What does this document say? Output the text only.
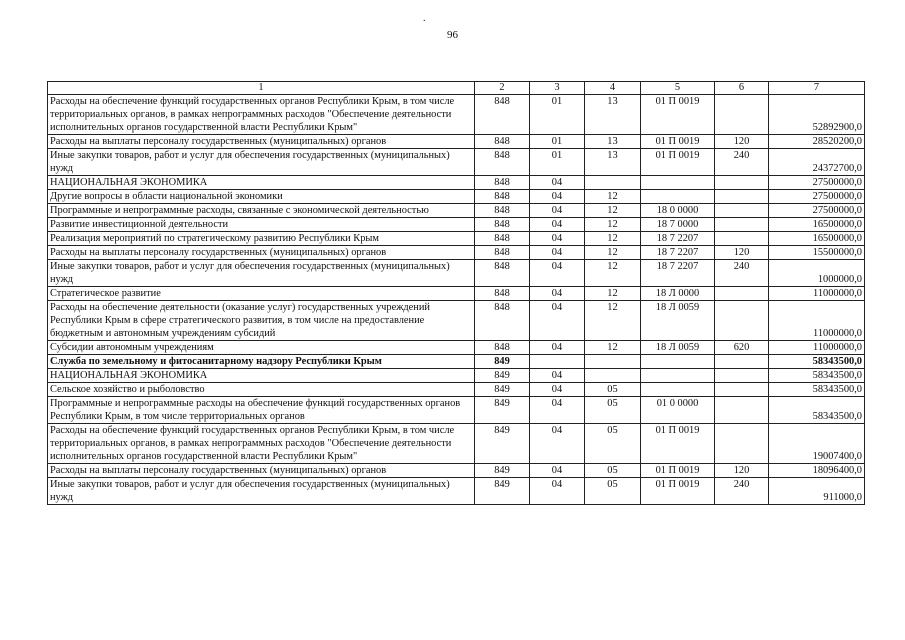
.
96
1	2	3	4	5	6	7
Расходы на обеспечение функций государственных органов Республики Крым, в том числе территориальных органов, в рамках непрограммных расходов "Обеспечение деятельности исполнительных органов государственной власти Республики Крым"	848	01	13	01 П 0019		52892900,0
Расходы на выплаты персоналу государственных (муниципальных) органов	848	01	13	01 П 0019	120	28520200,0
Иные закупки товаров, работ и услуг для обеспечения государственных (муниципальных) нужд	848	01	13	01 П 0019	240	24372700,0
НАЦИОНАЛЬНАЯ ЭКОНОМИКА	848	04				27500000,0
Другие вопросы в области национальной экономики	848	04	12			27500000,0
Программные и непрограммные расходы, связанные с экономической деятельностью	848	04	12	18 0 0000		27500000,0
Развитие инвестиционной деятельности	848	04	12	18 7 0000		16500000,0
Реализация мероприятий по стратегическому развитию Республики Крым	848	04	12	18 7 2207		16500000,0
Расходы на выплаты персоналу государственных (муниципальных) органов	848	04	12	18 7 2207	120	15500000,0
Иные закупки товаров, работ и услуг для обеспечения государственных (муниципальных) нужд	848	04	12	18 7 2207	240	1000000,0
Стратегическое развитие	848	04	12	18 Л 0000		11000000,0
Расходы на обеспечение деятельности (оказание услуг) государственных учреждений Республики Крым в сфере стратегического развития, в том числе на предоставление бюджетным и автономным учреждениям субсидий	848	04	12	18 Л 0059		11000000,0
Субсидии автономным учреждениям	848	04	12	18 Л 0059	620	11000000,0
Служба по земельному и фитосанитарному надзору Республики Крым	849					58343500,0
НАЦИОНАЛЬНАЯ ЭКОНОМИКА	849	04				58343500,0
Сельское хозяйство и рыболовство	849	04	05			58343500,0
Программные и непрограммные расходы на обеспечение функций государственных органов Республики Крым, в том числе территориальных органов	849	04	05	01 0 0000		58343500,0
Расходы на обеспечение функций государственных органов Республики Крым, в том числе территориальных органов, в рамках непрограммных расходов "Обеспечение деятельности исполнительных органов государственной власти Республики Крым"	849	04	05	01 П 0019		19007400,0
Расходы на выплаты персоналу государственных (муниципальных) органов	849	04	05	01 П 0019	120	18096400,0
Иные закупки товаров, работ и услуг для обеспечения государственных (муниципальных) нужд	849	04	05	01 П 0019	240	911000,0
